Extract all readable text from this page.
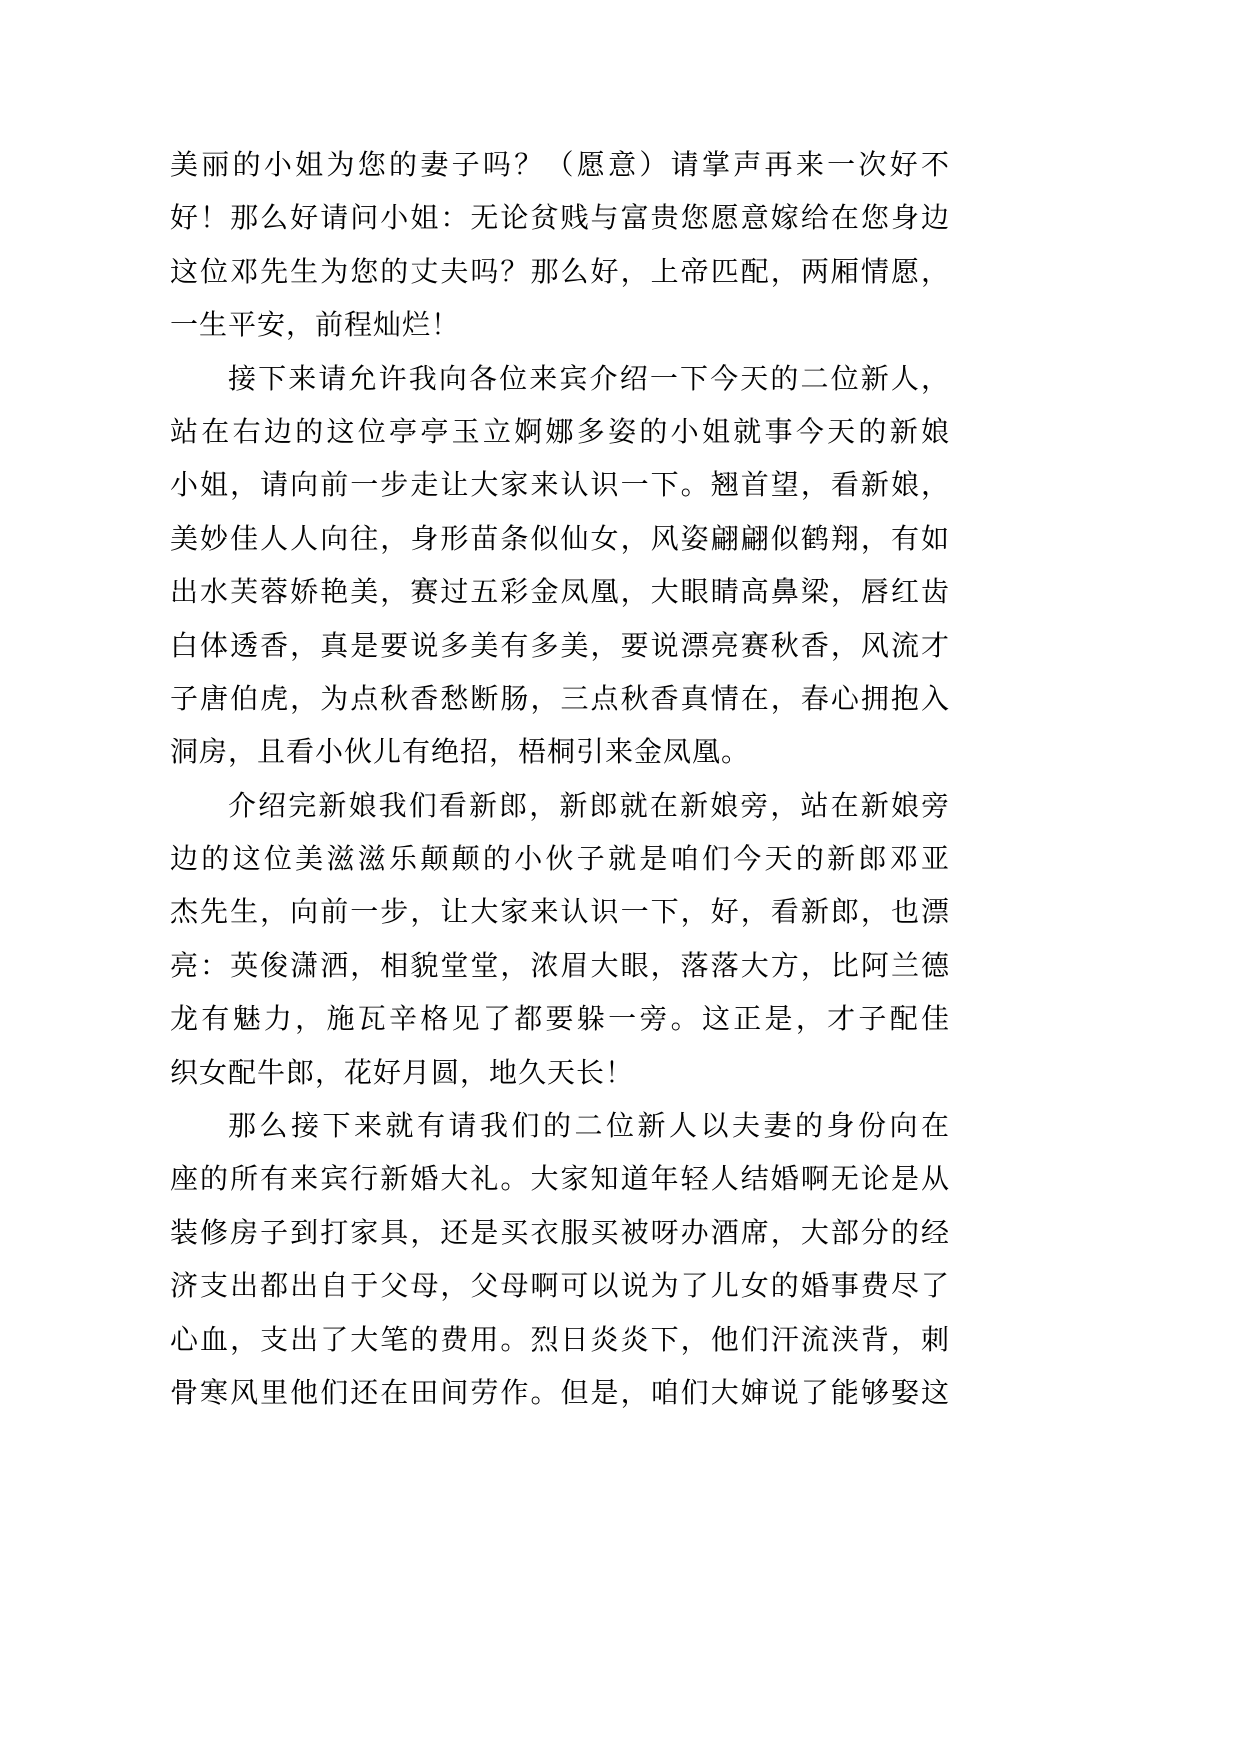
美丽的小姐为您的妻子吗？（愿意）请掌声再来一次好不
好！那么好请问小姐：无论贫贱与富贵您愿意嫁给在您身边
这位邓先生为您的丈夫吗？那么好，上帝匹配，两厢情愿，
一生平安，前程灿烂！
接下来请允许我向各位来宾介绍一下今天的二位新人，
站在右边的这位亭亭玉立婀娜多姿的小姐就事今天的新娘
小姐，请向前一步走让大家来认识一下。翘首望，看新娘，
美妙佳人人向往，身形苗条似仙女，风姿翩翩似鹤翔，有如
出水芙蓉娇艳美，赛过五彩金凤凰，大眼睛高鼻梁，唇红齿
白体透香，真是要说多美有多美，要说漂亮赛秋香，风流才
子唐伯虎，为点秋香愁断肠，三点秋香真情在，春心拥抱入
洞房，且看小伙儿有绝招，梧桐引来金凤凰。
介绍完新娘我们看新郎，新郎就在新娘旁，站在新娘旁
边的这位美滋滋乐颠颠的小伙子就是咱们今天的新郎邓亚
杰先生，向前一步，让大家来认识一下，好，看新郎，也漂
亮：英俊潇洒，相貌堂堂，浓眉大眼，落落大方，比阿兰德
龙有魅力，施瓦辛格见了都要躲一旁。这正是，才子配佳
织女配牛郎，花好月圆，地久天长！
那么接下来就有请我们的二位新人以夫妻的身份向在
座的所有来宾行新婚大礼。大家知道年轻人结婚啊无论是从
装修房子到打家具，还是买衣服买被呀办酒席，大部分的经
济支出都出自于父母，父母啊可以说为了儿女的婚事费尽了
心血，支出了大笔的费用。烈日炎炎下，他们汗流浃背，刺
骨寒风里他们还在田间劳作。但是，咱们大婶说了能够娶这
